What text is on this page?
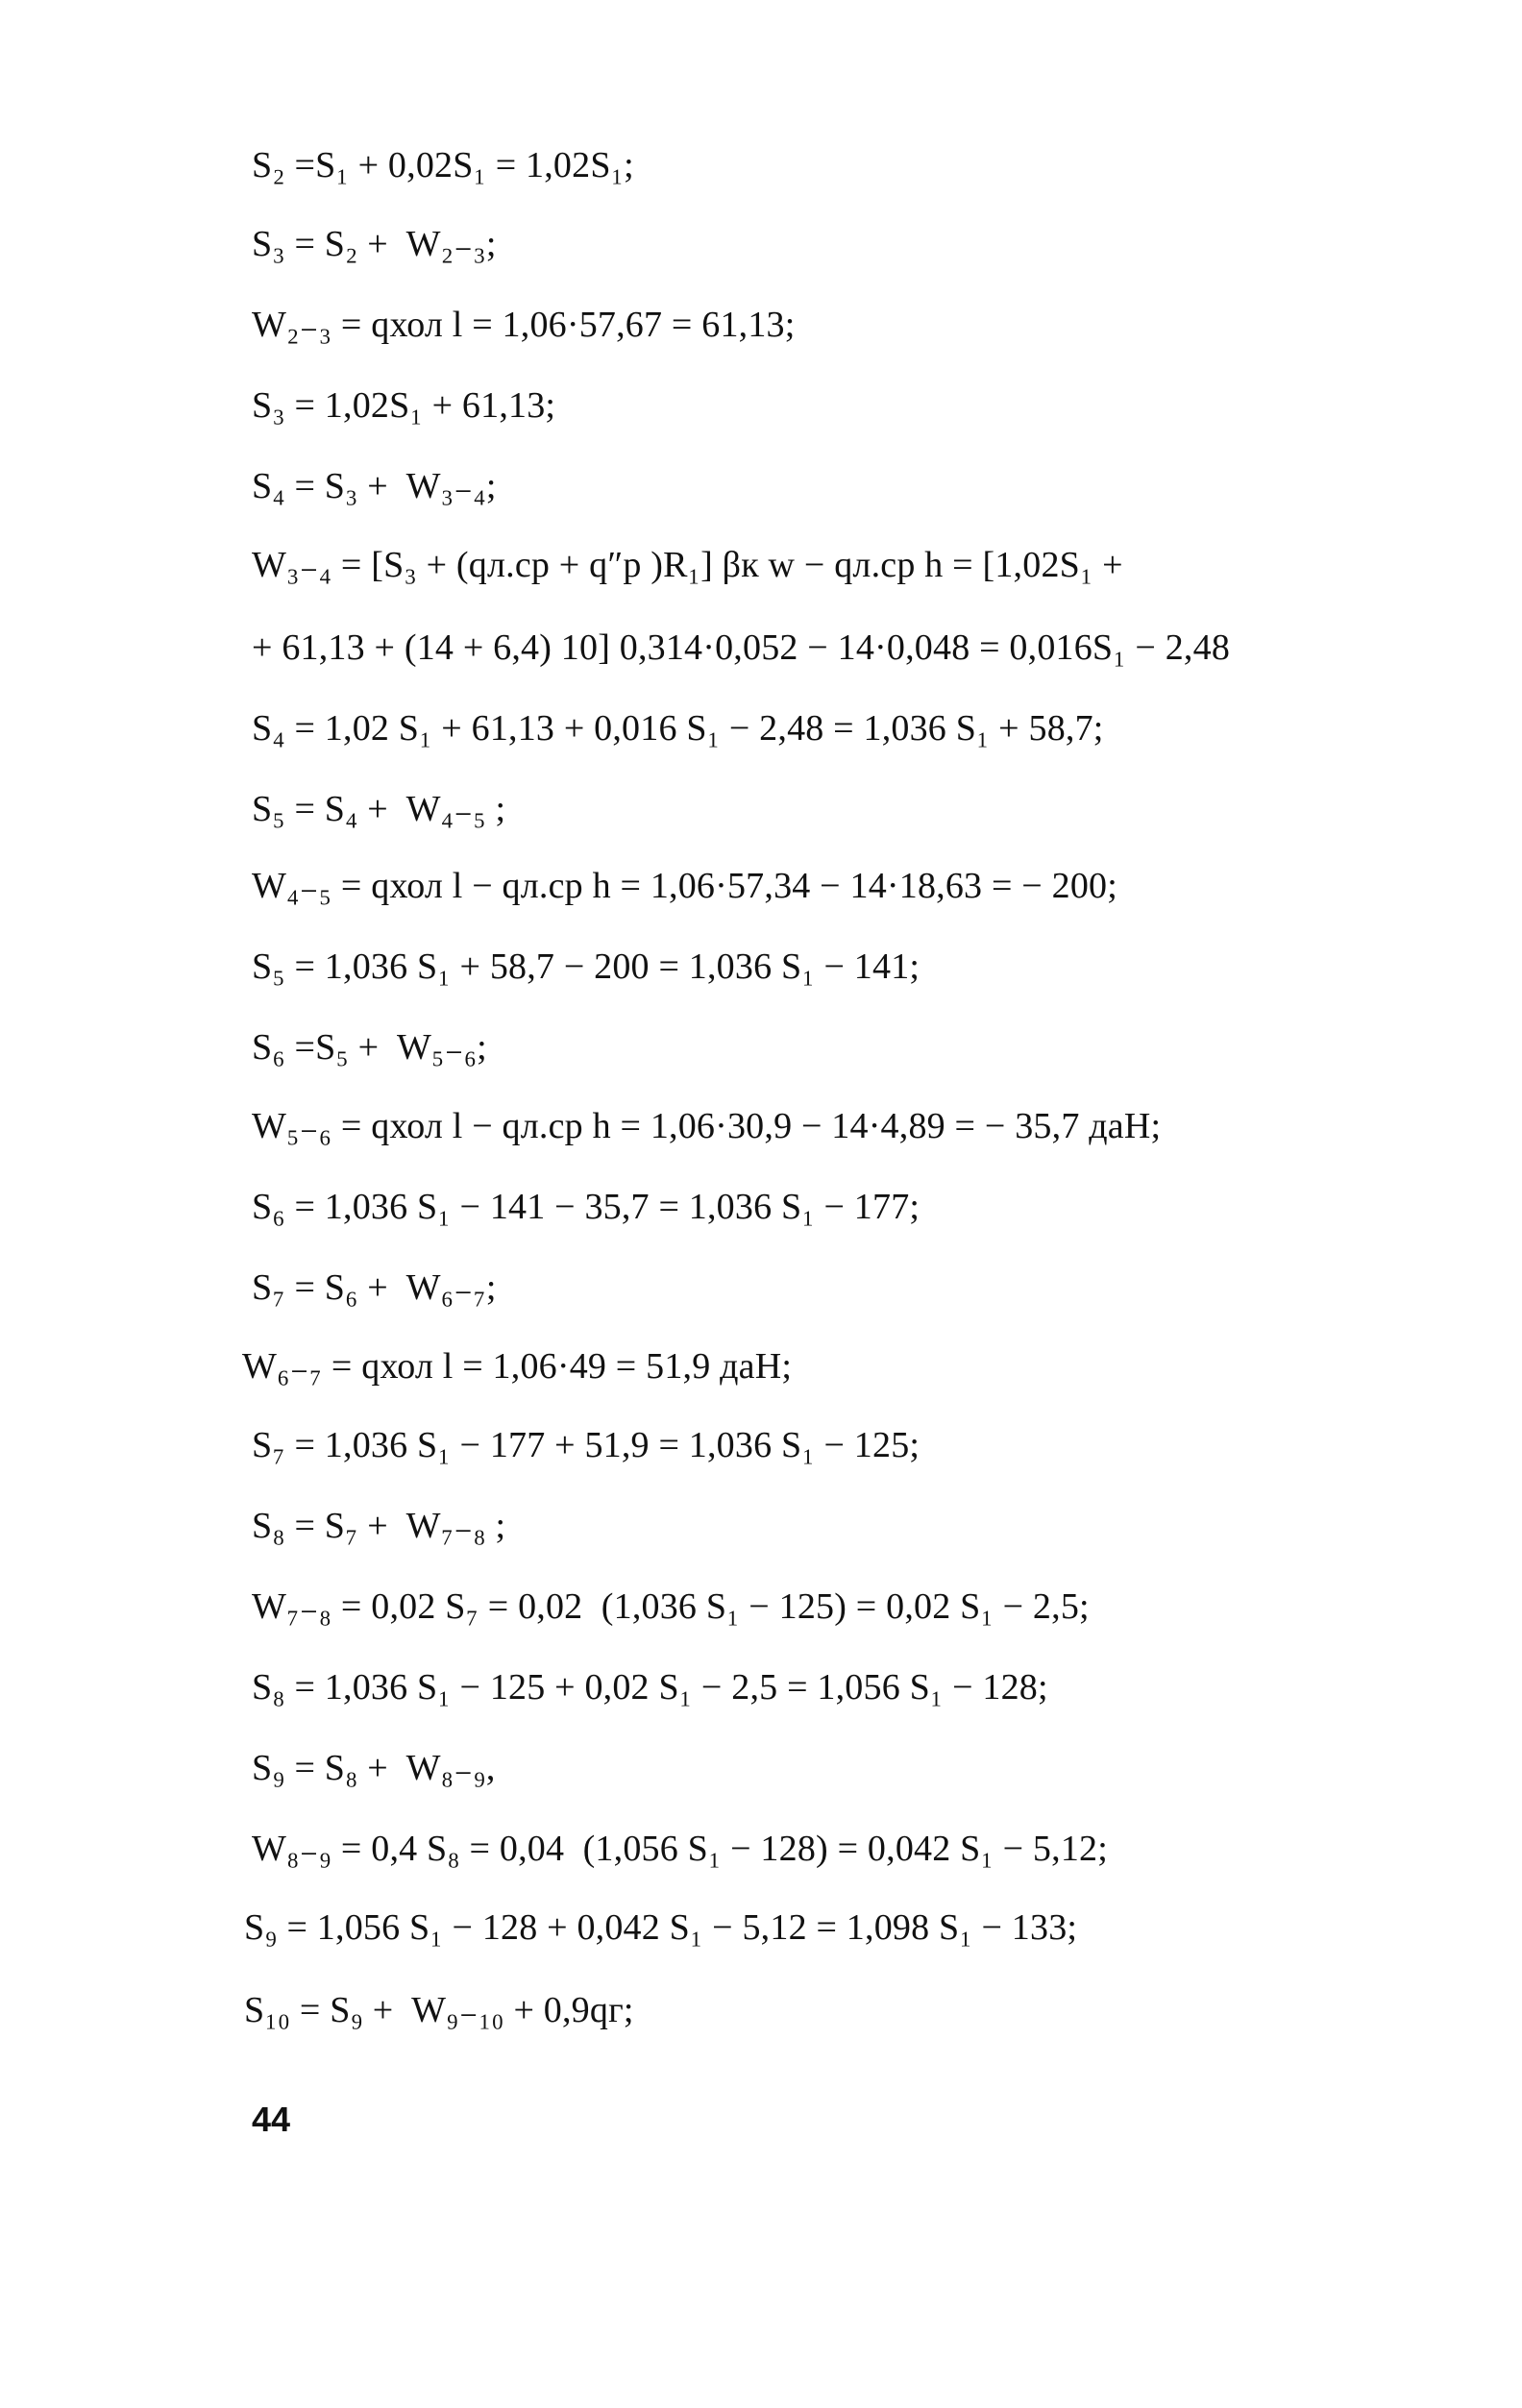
S₂ =S₁ + 0,02S₁ = 1,02S₁;
S₃ = S₂ +  W₂₋₃;
W₂₋₃ = qхол l = 1,06·57,67 = 61,13;
S₃ = 1,02S₁ + 61,13;
S₄ = S₃ +  W₃₋₄;
W₃₋₄ = [S₃ + (qл.ср + q″р )R₁] βк w − qл.ср h = [1,02S₁ +
+ 61,13 + (14 + 6,4) 10] 0,314·0,052 − 14·0,048 = 0,016S₁ − 2,48
S₄ = 1,02 S₁ + 61,13 + 0,016 S₁ − 2,48 = 1,036 S₁ + 58,7;
S₅ = S₄ +  W₄₋₅ ;
W₄₋₅ = qхол l − qл.ср h = 1,06·57,34 − 14·18,63 = − 200;
S₅ = 1,036 S₁ + 58,7 − 200 = 1,036 S₁ − 141;
S₆ =S₅ +  W₅₋₆;
W₅₋₆ = qхол l − qл.ср h = 1,06·30,9 − 14·4,89 = − 35,7 даН;
S₆ = 1,036 S₁ − 141 − 35,7 = 1,036 S₁ − 177;
S₇ = S₆ +  W₆₋₇;
W₆₋₇ = qхол l = 1,06·49 = 51,9 даН;
S₇ = 1,036 S₁ − 177 + 51,9 = 1,036 S₁ − 125;
S₈ = S₇ +  W₇₋₈ ;
W₇₋₈ = 0,02 S₇ = 0,02  (1,036 S₁ − 125) = 0,02 S₁ − 2,5;
S₈ = 1,036 S₁ − 125 + 0,02 S₁ − 2,5 = 1,056 S₁ − 128;
S₉ = S₈ +  W₈₋₉,
W₈₋₉ = 0,4 S₈ = 0,04  (1,056 S₁ − 128) = 0,042 S₁ − 5,12;
S₉ = 1,056 S₁ − 128 + 0,042 S₁ − 5,12 = 1,098 S₁ − 133;
S₁₀ = S₉ +  W₉₋₁₀ + 0,9qг;
44
